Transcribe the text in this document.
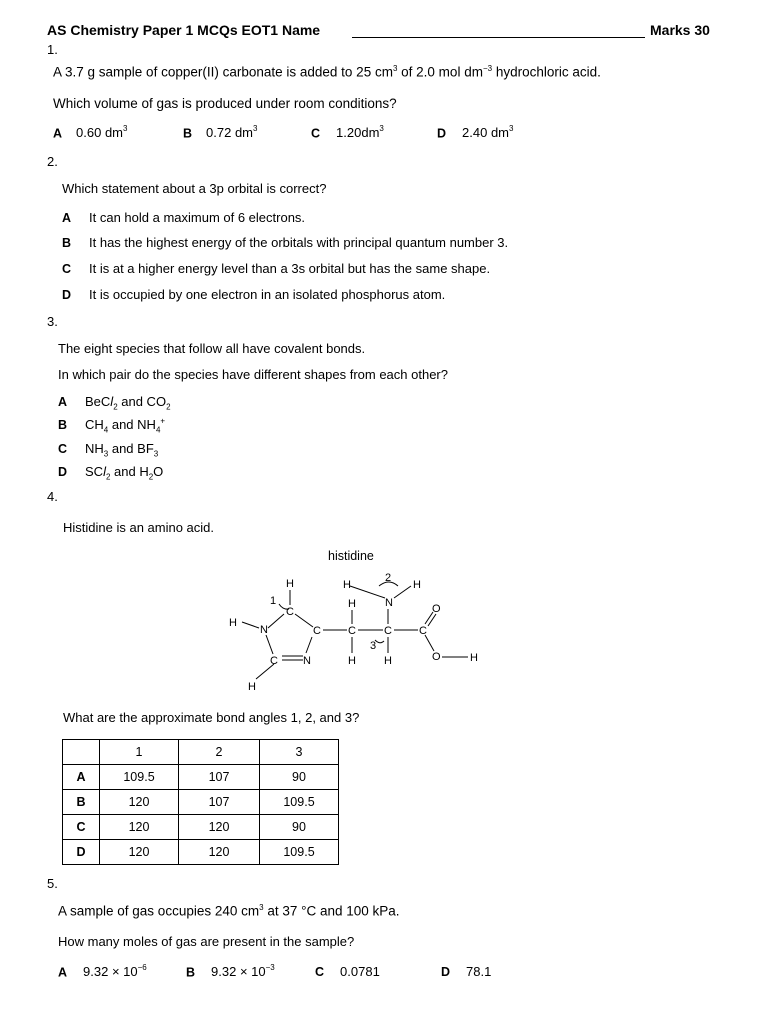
AS Chemistry Paper 1 MCQs EOT1 Name	Marks 30
1.
A 3.7 g sample of copper(II) carbonate is added to 25 $cm^3$ of 2.0 mol $dm^{-3}$ hydrochloric acid.
Which volume of gas is produced under room conditions?
A 0.60 $dm^3$	B 0.72 $dm^3$	C $1.20dm^3$	D 2.40 $dm^3$
2.
Which statement about a 3p orbital is correct?
A It can hold a maximum of 6 electrons.
B It has the highest energy of the orbitals with principal quantum number 3.
C It is at a higher energy level than a 3s orbital but has the same shape.
D It is occupied by one electron in an isolated phosphorus atom.
3.
The eight species that follow all have covalent bonds.
In which pair do the species have different shapes from each other?
A BeCl$_2$ and $CO_2$
B $CH_4$ and $NH_4^+$
C $NH_3$ and $BF_3$
D SCl$_2$ and $H_2O$
4.
Histidine is an amino acid.
histidine
H
1
C
H
N	C
C N
H
H
2
H
H	N
C	C C
3
H	H
O
O	H
What are the approximate bond angles 1, 2, and 3?
	1	2	3
A	109.5	107	90
B	120	107	109.5
C	120	120	90
D	120	120	109.5
5.
A sample of gas occupies 240 $cm^3$ at 37 °C and 100 kPa.
How many moles of gas are present in the sample?
A $9.32 \times 10^{-6}$	B $9.32 \times 10^{-3}$	C 0.0781	D 78.1
